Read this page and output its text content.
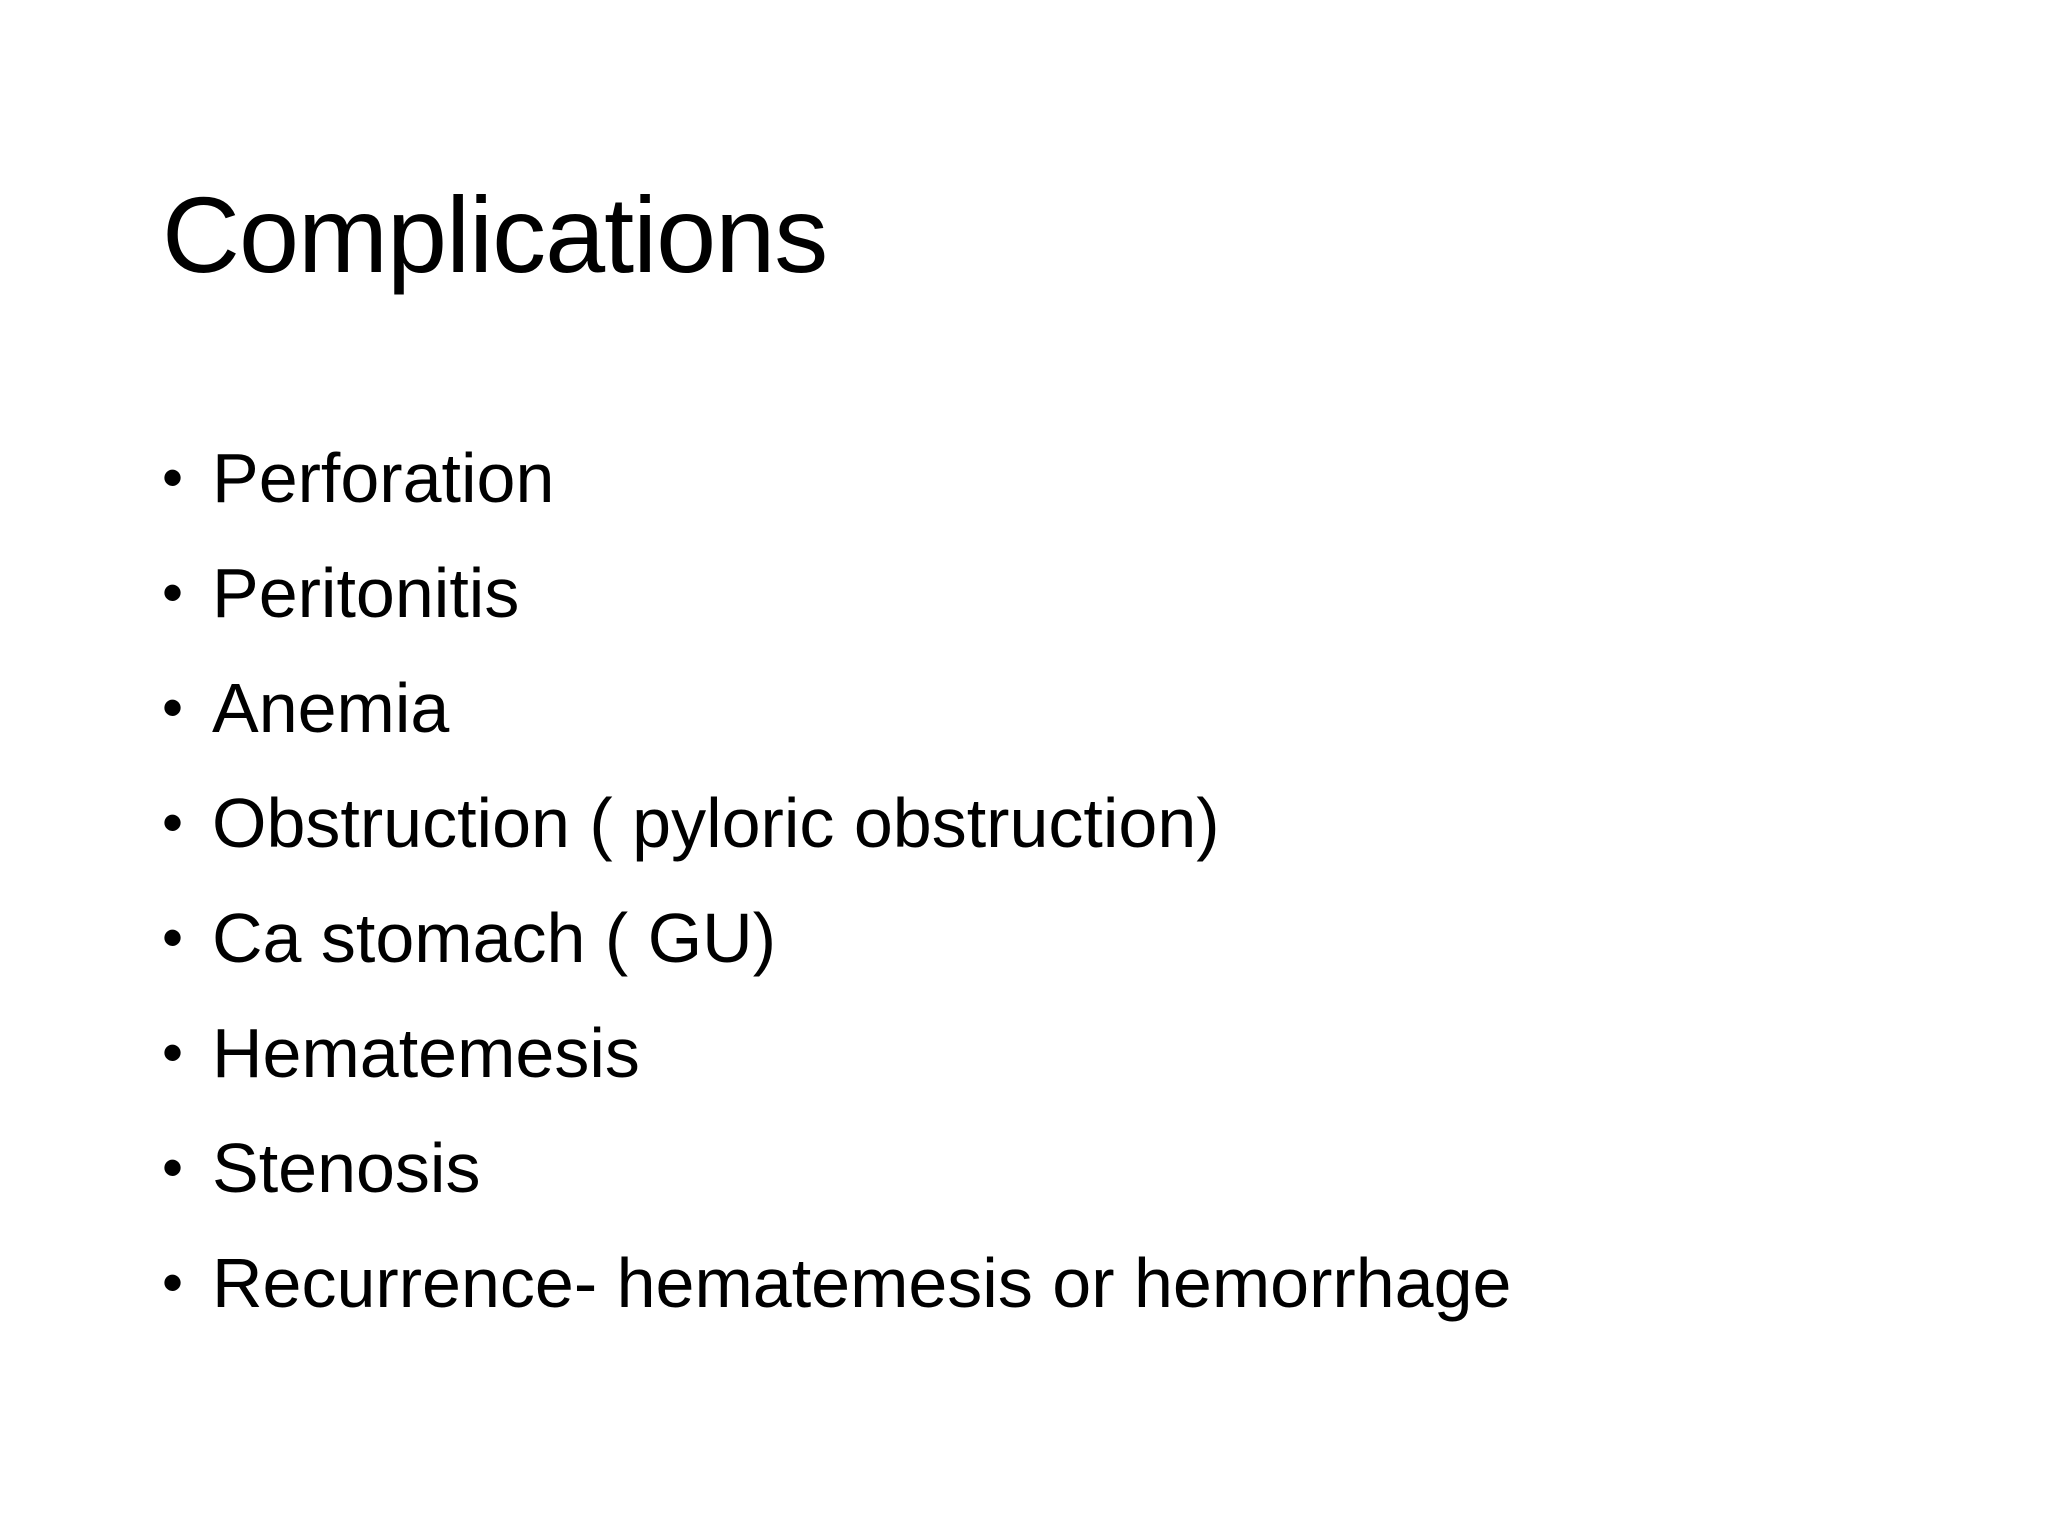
Complications
• Perforation
• Peritonitis
• Anemia
• Obstruction ( pyloric obstruction)
• Ca stomach ( GU)
• Hematemesis
• Stenosis
• Recurrence- hematemesis or hemorrhage
